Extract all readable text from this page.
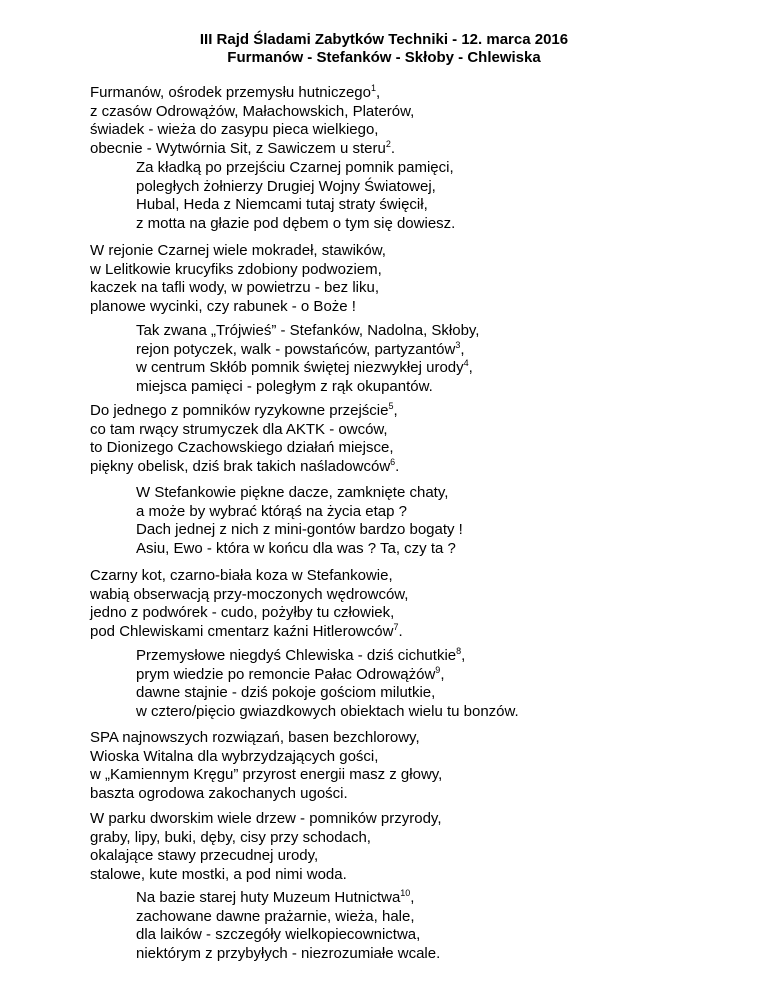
III Rajd Śladami Zabytków Techniki - 12. marca 2016
Furmanów - Stefanków - Skłoby - Chlewiska
Furmanów, ośrodek przemysłu hutniczego$^1$,
z czasów Odrowążów, Małachowskich, Platerów,
świadek - wieża do zasypu pieca wielkiego,
obecnie - Wytwórnia Sit, z Sawiczem u steru$^2$.
Za kładką po przejściu Czarnej pomnik pamięci,
poległych żołnierzy Drugiej Wojny Światowej,
Hubal, Heda z Niemcami tutaj straty święcił,
z motta na głazie pod dębem o tym się dowiesz.
W rejonie Czarnej wiele mokradeł, stawików,
w Lelitkowie krucyfiks zdobiony podwoziem,
kaczek na tafli wody, w powietrzu - bez liku,
planowe wycinki, czy rabunek - o Boże !
Tak zwana „Trójwieś” - Stefanków, Nadolna, Skłoby,
rejon potyczek, walk - powstańców, partyzantów$^3$,
w centrum Skłób pomnik świętej niezwykłej urody$^4$,
miejsca pamięci - poległym z rąk okupantów.
Do jednego z pomników ryzykowne przejście$^5$,
co tam rwący strumyczek dla AKTK - owców,
to Dionizego Czachowskiego działań miejsce,
piękny obelisk, dziś brak takich naśladowców$^6$.
W Stefankowie piękne dacze, zamknięte chaty,
a może by wybrać którąś na życia etap ?
Dach jednej z nich z mini-gontów bardzo bogaty !
Asiu, Ewo - która w końcu dla was ? Ta, czy ta ?
Czarny kot, czarno-biała koza w Stefankowie,
wabią obserwacją przy-moczonych wędrowców,
jedno z podwórek - cudo, pożyłby tu człowiek,
pod Chlewiskami cmentarz kaźni Hitlerowców$^7$.
Przemysłowe niegdyś Chlewiska - dziś cichutkie$^8$,
prym wiedzie po remoncie Pałac Odrowążów$^9$,
dawne stajnie - dziś pokoje gościom milutkie,
w cztero/pięcio gwiazdkowych obiektach wielu tu bonzów.
SPA najnowszych rozwiązań, basen bezchlorowy,
Wioska Witalna dla wybrzydzających gości,
w „Kamiennym Kręgu” przyrost energii masz z głowy,
baszta ogrodowa zakochanych ugości.
W parku dworskim wiele drzew - pomników przyrody,
graby, lipy, buki, dęby, cisy przy schodach,
okalające stawy przecudnej urody,
stalowe, kute mostki, a pod nimi woda.
Na bazie starej huty Muzeum Hutnictwa$^{10}$,
zachowane dawne prażarnie, wieża, hale,
dla laików - szczegóły wielkopiecownictwa,
niektórym z przybyłych - niezrozumiałe wcale.
